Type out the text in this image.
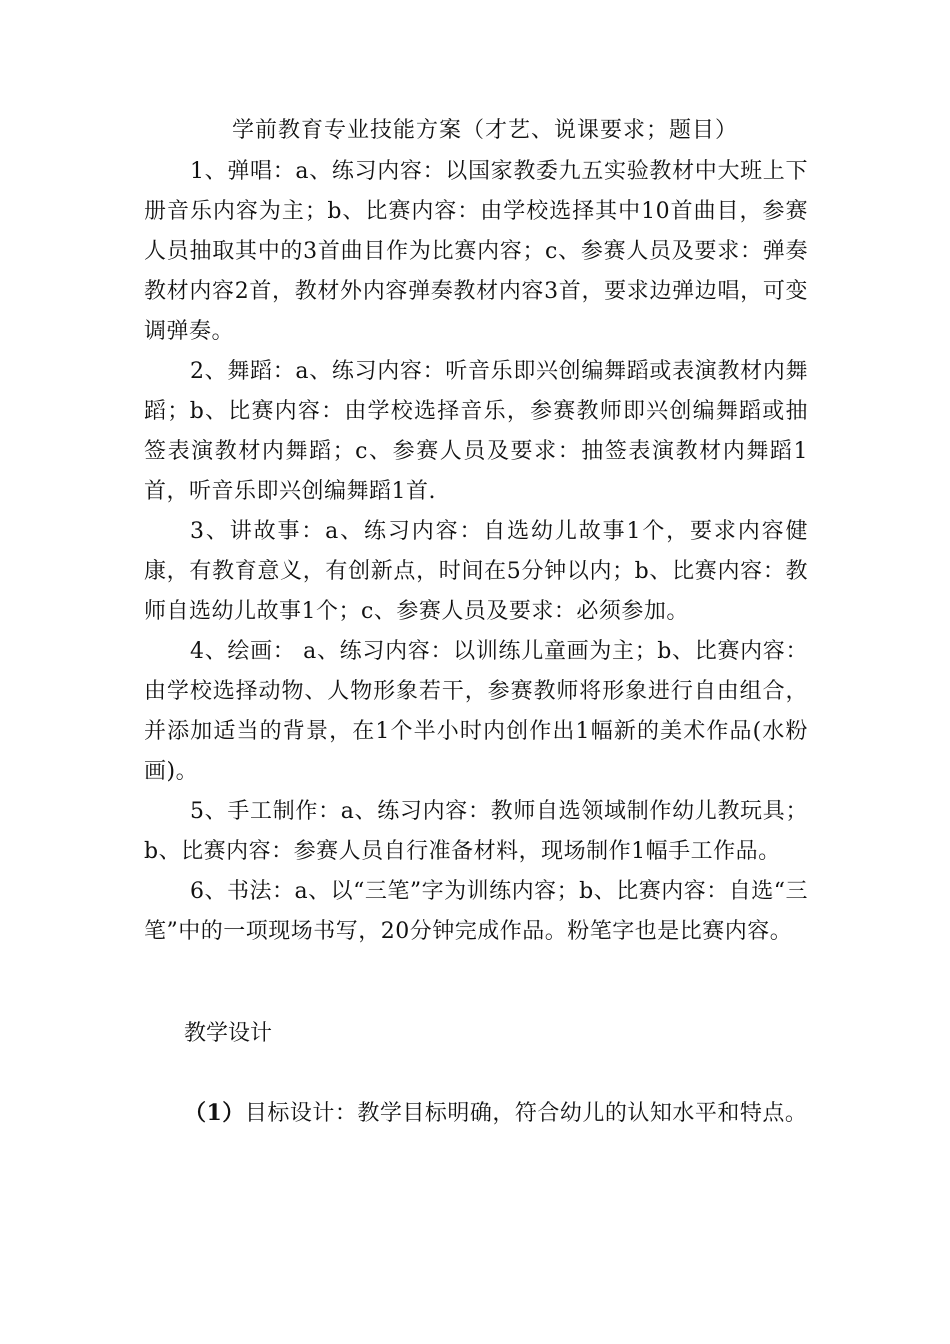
学前教育专业技能方案（才艺、说课要求；题目）

1、弹唱：a、练习内容：以国家教委九五实验教材中大班上下册音乐内容为主；b、比赛内容：由学校选择其中10首曲目，参赛人员抽取其中的3首曲目作为比赛内容；c、参赛人员及要求：弹奏教材内容2首，教材外内容弹奏教材内容3首，要求边弹边唱，可变调弹奏。

2、舞蹈：a、练习内容：听音乐即兴创编舞蹈或表演教材内舞蹈；b、比赛内容：由学校选择音乐，参赛教师即兴创编舞蹈或抽签表演教材内舞蹈；c、参赛人员及要求：抽签表演教材内舞蹈1首，听音乐即兴创编舞蹈1首.

3、讲故事：a、练习内容：自选幼儿故事1个，要求内容健康，有教育意义，有创新点，时间在5分钟以内；b、比赛内容：教师自选幼儿故事1个；c、参赛人员及要求：必须参加。

4、绘画： a、练习内容：以训练儿童画为主；b、比赛内容：由学校选择动物、人物形象若干，参赛教师将形象进行自由组合，并添加适当的背景，在1个半小时内创作出1幅新的美术作品(水粉画)。

5、手工制作：a、练习内容：教师自选领域制作幼儿教玩具；b、比赛内容：参赛人员自行准备材料，现场制作1幅手工作品。

6、书法：a、以“三笔”字为训练内容；b、比赛内容：自选“三笔”中的一项现场书写，20分钟完成作品。粉笔字也是比赛内容。

教学设计

（1）目标设计：教学目标明确，符合幼儿的认知水平和特点。
